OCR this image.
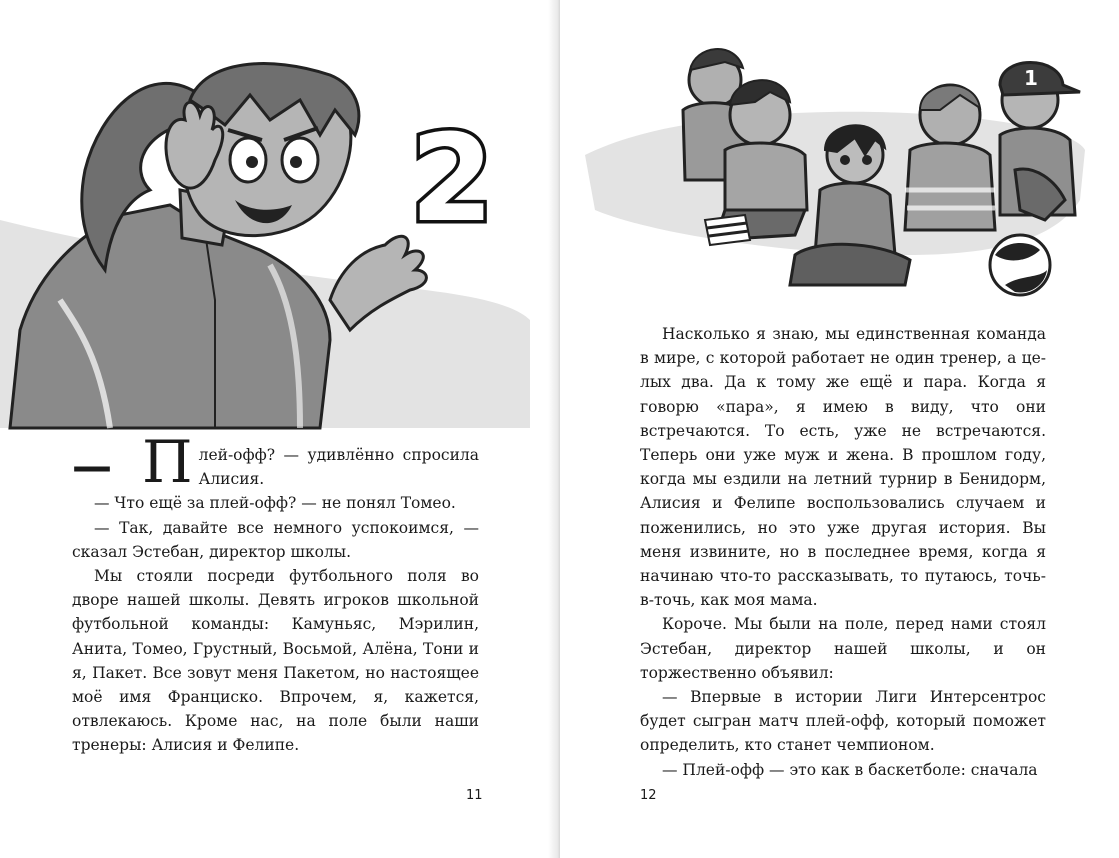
2

— П лей-офф? — удивлённо спросила Алисия.

— Что ещё за плей-офф? — не понял Томео.

— Так, давайте все немного успокоимся, — сказал Эстебан, директор школы.

Мы стояли посреди футбольного поля во дворе нашей школы. Девять игроков школьной футбольной команды: Камуньяс, Мэрилин, Анита, Томео, Грустный, Восьмой, Алёна, Тони и я, Пакет. Все зовут меня Пакетом, но настоящее моё имя Франциско. Впрочем, я, кажется, отвлекаюсь. Кроме нас, на поле были наши тренеры: Алисия и Фелипе.

11	12
1

Насколько я знаю, мы единственная команда в мире, с которой работает не один тренер, а целых два. Да к тому же ещё и пара. Когда я говорю «пара», я имею в виду, что они встречаются. То есть, уже не встречаются. Теперь они уже муж и жена. В прошлом году, когда мы ездили на летний турнир в Бенидорм, Алисия и Фелипе воспользовались случаем и поженились, но это уже другая история. Вы меня извините, но в последнее время, когда я начинаю что-то рассказывать, то путаюсь, точь-в-точь, как моя мама.

Короче. Мы были на поле, перед нами стоял Эстебан, директор нашей школы, и он торжественно объявил:

— Впервые в истории Лиги Интерсентрос будет сыгран матч плей-офф, который поможет определить, кто станет чемпионом.

— Плей-офф — это как в баскетболе: сначала
